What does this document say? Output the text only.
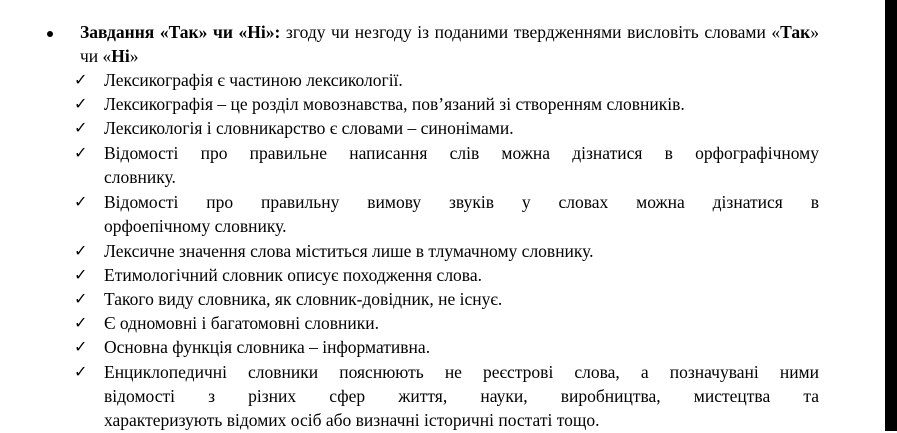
Завдання «Так» чи «Ні»: згоду чи незгоду із поданими твердженнями висловіть словами «Так» чи «Ні»
✓ Лексикографія є частиною лексикології.
✓ Лексикографія – це розділ мовознавства, пов’язаний зі створенням словників.
✓ Лексикологія і словникарство є словами – синонімами.
✓ Відомості про правильне написання слів можна дізнатися в орфографічному
словнику.
✓ Відомості про правильну вимову звуків у словах можна дізнатися в
орфоепічному словнику.
✓ Лексичне значення слова міститься лише в тлумачному словнику.
✓ Етимологічний словник описує походження слова.
✓ Такого виду словника, як словник-довідник, не існує.
✓ Є одномовні і багатомовні словники.
✓ Основна функція словника – інформативна.
✓ Енциклопедичні словники пояснюють не реєстрові слова, а позначувані ними
відомості з різних сфер життя, науки, виробництва, мистецтва та
характеризують відомих осіб або визначні історичні постаті тощо.
